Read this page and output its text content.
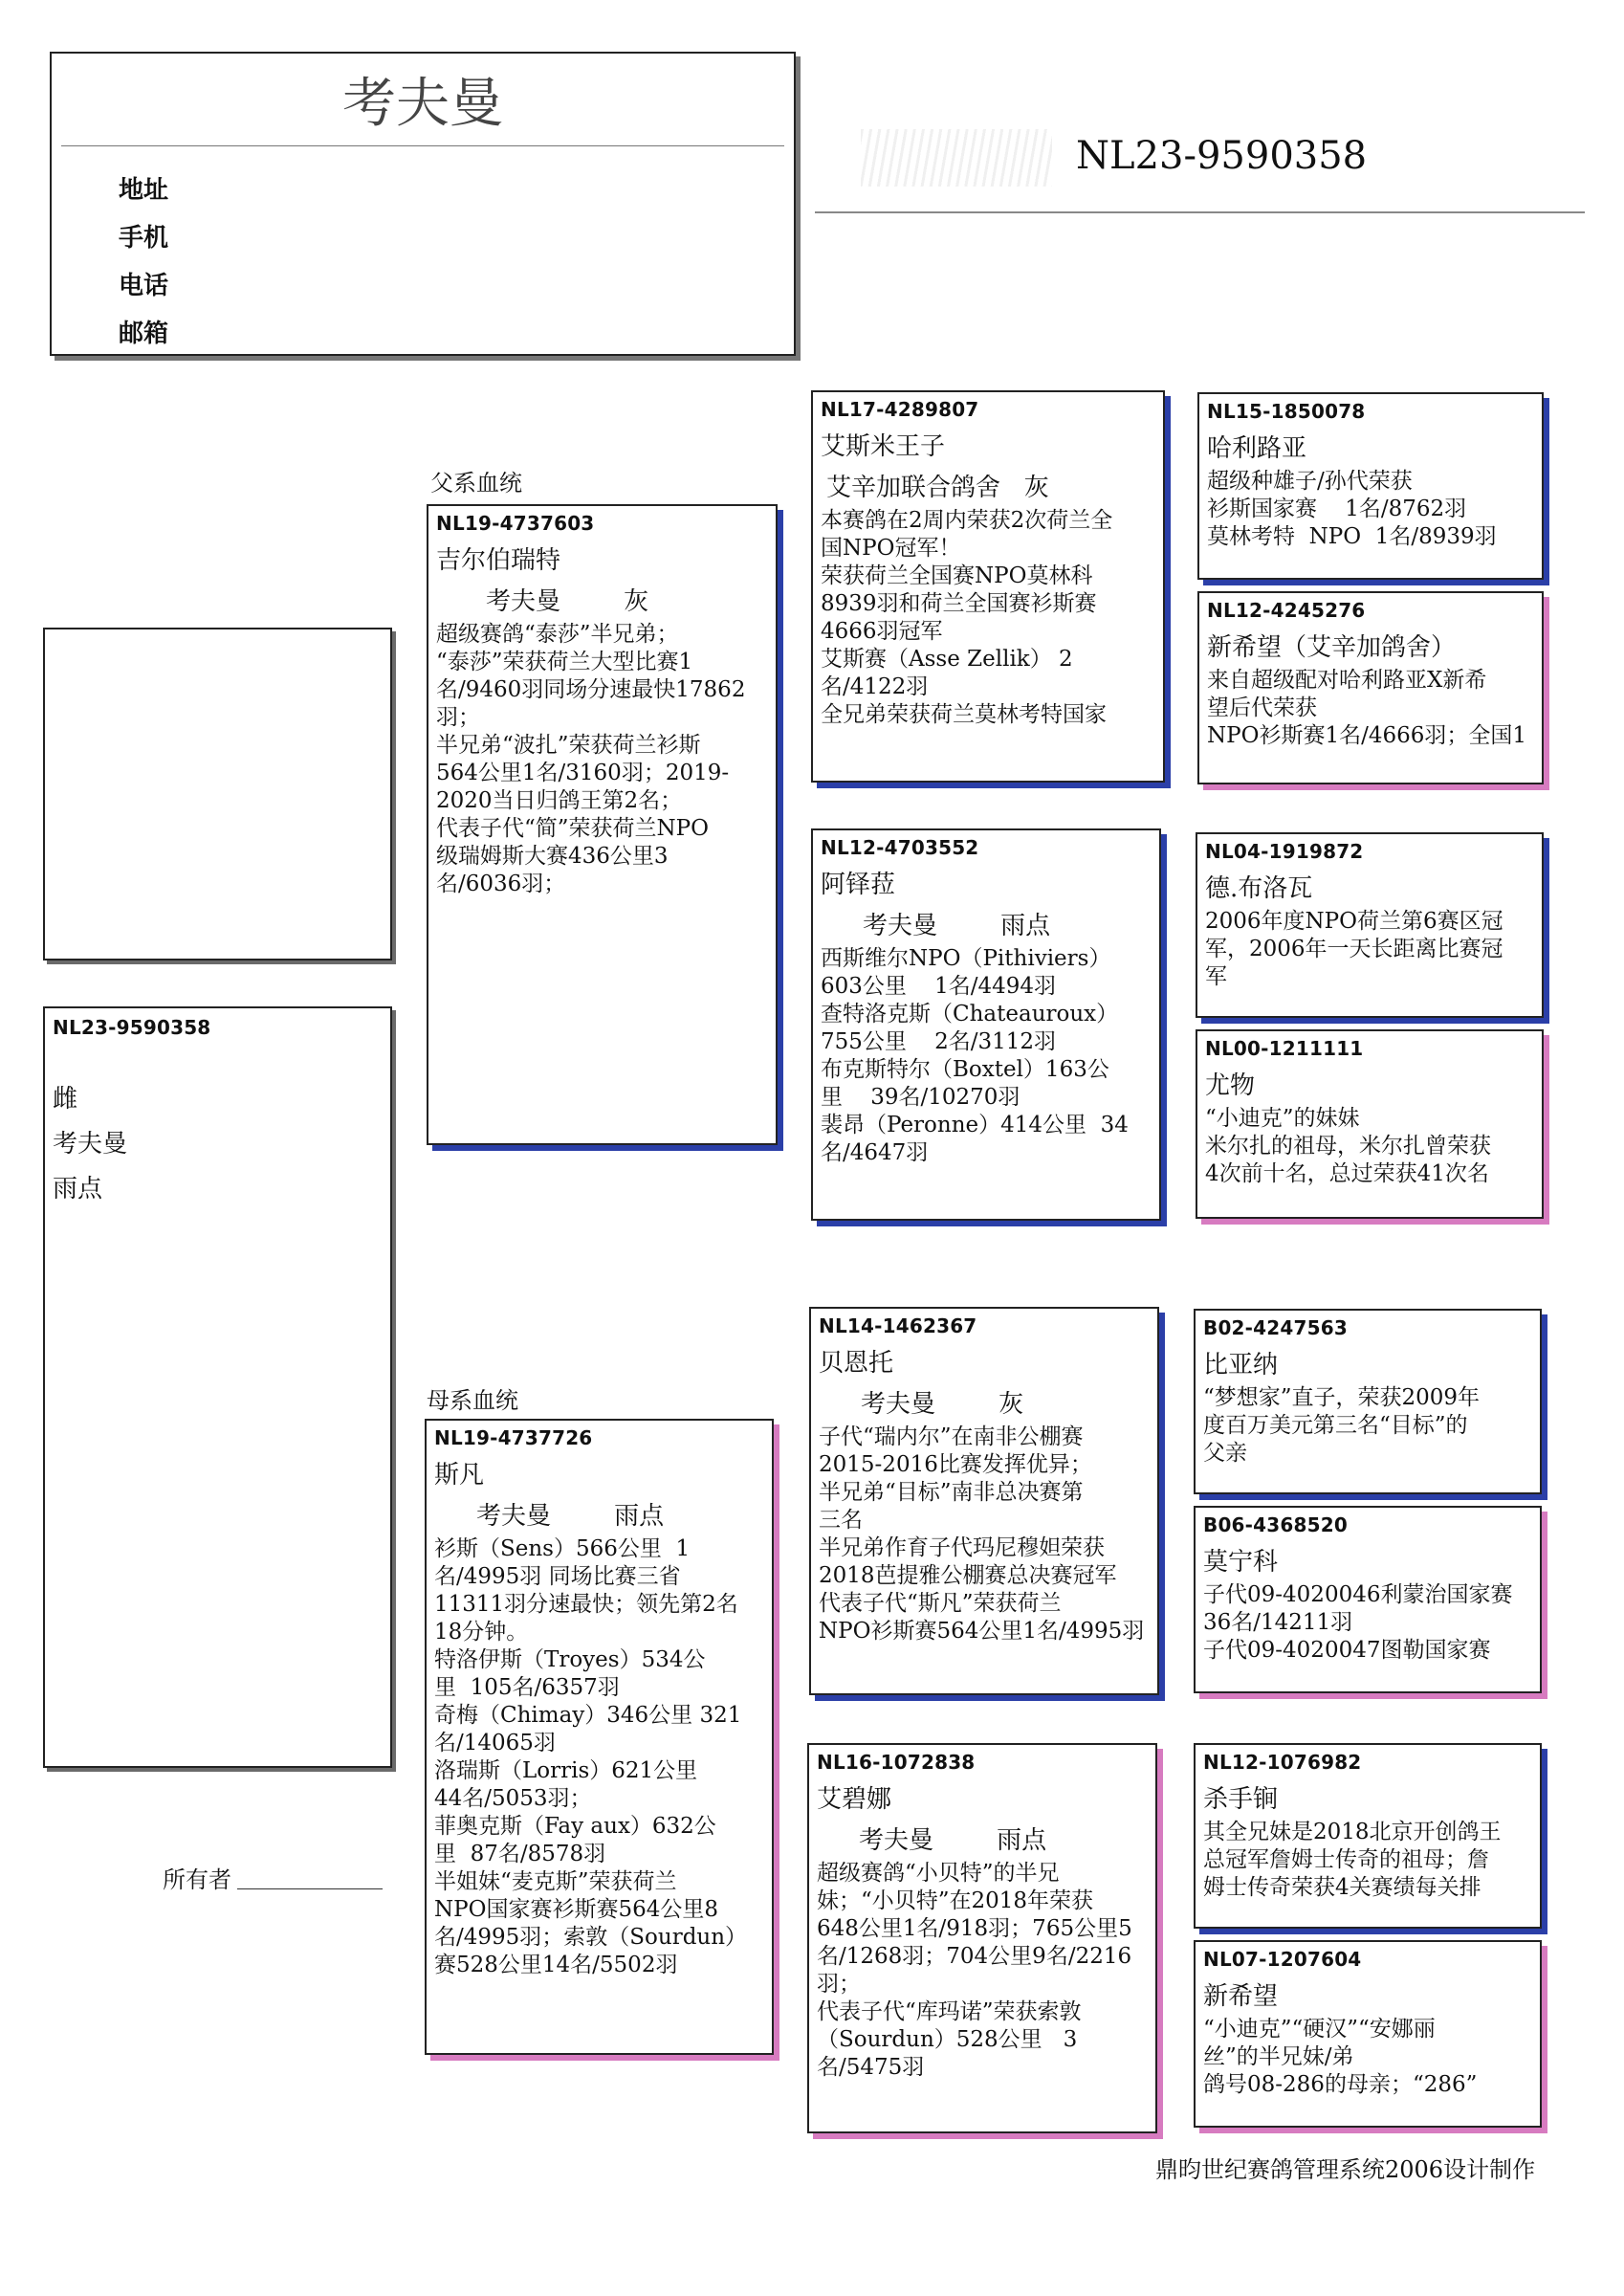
考夫曼
地址
手机
电话
邮箱
NL23-9590358
NL23-9590358
雌
考夫曼
雨点
父系血统
母系血统
NL19-4737603
吉尔伯瑞特
考夫曼        灰
超级赛鸽“泰莎”半兄弟；
“泰莎”荣获荷兰大型比赛1
名/9460羽同场分速最快17862
羽；
半兄弟“波扎”荣获荷兰衫斯
564公里1名/3160羽；2019-
2020当日归鸽王第2名；
代表子代“简”荣获荷兰NPO
级瑞姆斯大赛436公里3
名/6036羽；
NL19-4737726
斯凡
考夫曼        雨点
衫斯（Sens）566公里  1
名/4995羽 同场比赛三省
11311羽分速最快；领先第2名
18分钟。
特洛伊斯（Troyes）534公
里  105名/6357羽
奇梅（Chimay）346公里 321
名/14065羽
洛瑞斯（Lorris）621公里
44名/5053羽；
菲奥克斯（Fay aux）632公
里  87名/8578羽
半姐妹“麦克斯”荣获荷兰
NPO国家赛衫斯赛564公里8
名/4995羽；索敦（Sourdun）
赛528公里14名/5502羽
NL17-4289807
艾斯米王子
艾辛加联合鸽舍   灰
本赛鸽在2周内荣获2次荷兰全
国NPO冠军！
荣获荷兰全国赛NPO莫林科
8939羽和荷兰全国赛衫斯赛
4666羽冠军
艾斯赛（Asse Zellik） 2
名/4122羽
全兄弟荣获荷兰莫林考特国家
NL12-4703552
阿铎菈
考夫曼        雨点
西斯维尔NPO（Pithiviers）
603公里    1名/4494羽
查特洛克斯（Chateauroux）
755公里    2名/3112羽
布克斯特尔（Boxtel）163公
里    39名/10270羽
裴昂（Peronne）414公里  34
名/4647羽
NL14-1462367
贝恩托
考夫曼        灰
子代“瑞内尔”在南非公棚赛
2015-2016比赛发挥优异；
半兄弟“目标”南非总决赛第
三名
半兄弟作育子代玛尼穆妲荣获
2018芭提雅公棚赛总决赛冠军
代表子代“斯凡”荣获荷兰
NPO衫斯赛564公里1名/4995羽
NL16-1072838
艾碧娜
考夫曼        雨点
超级赛鸽“小贝特”的半兄
妹；“小贝特”在2018年荣获
648公里1名/918羽；765公里5
名/1268羽；704公里9名/2216
羽；
代表子代“库玛诺”荣获索敦
（Sourdun）528公里   3
名/5475羽
NL15-1850078
哈利路亚
超级种雄子/孙代荣获
衫斯国家赛    1名/8762羽
莫林考特  NPO  1名/8939羽
NL12-4245276
新希望（艾辛加鸽舍）
来自超级配对哈利路亚X新希
望后代荣获
NPO衫斯赛1名/4666羽；全国1
NL04-1919872
德.布洛瓦
2006年度NPO荷兰第6赛区冠
军，2006年一天长距离比赛冠
军
NL00-1211111
尤物
“小迪克”的妹妹
米尔扎的祖母，米尔扎曾荣获
4次前十名，总过荣获41次名
B02-4247563
比亚纳
“梦想家”直子，荣获2009年
度百万美元第三名“目标”的
父亲
B06-4368520
莫宁科
子代09-4020046利蒙治国家赛
36名/14211羽
子代09-4020047图勒国家赛
NL12-1076982
杀手锏
其全兄妹是2018北京开创鸽王
总冠军詹姆士传奇的祖母；詹
姆士传奇荣获4关赛绩每关排
NL07-1207604
新希望
“小迪克”“硬汉”“安娜丽
丝”的半兄妹/弟
鸽号08-286的母亲；“286”
所有者
鼎昀世纪赛鸽管理系统2006设计制作
